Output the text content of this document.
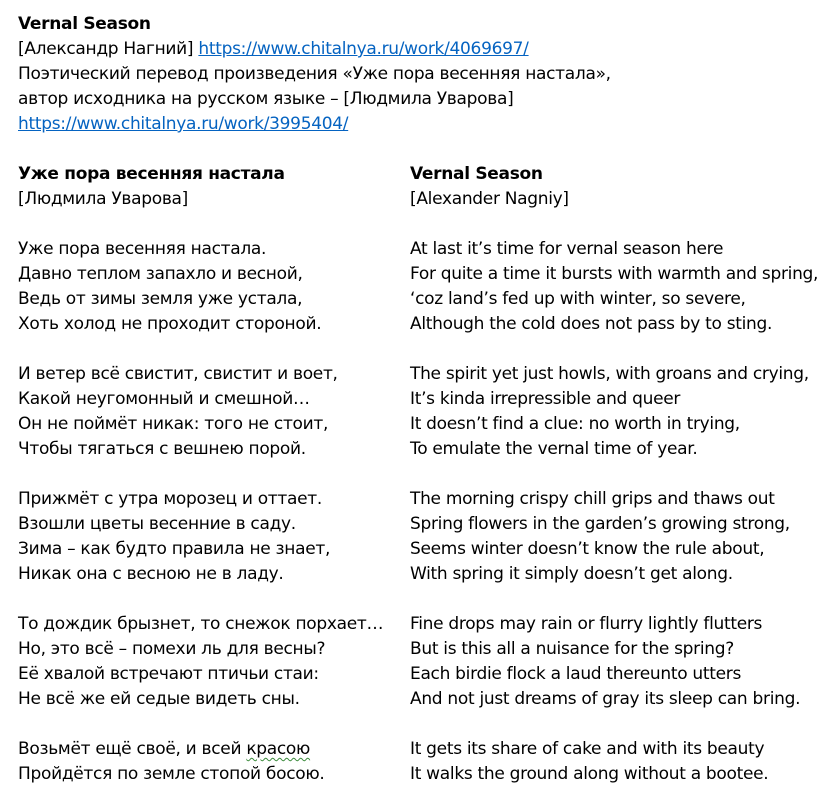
Vernal Season
[Александр Нагний] https://www.chitalnya.ru/work/4069697/
Поэтический перевод произведения «Уже пора весенняя настала»,
автор исходника на русском языке – [Людмила Уварова]
https://www.chitalnya.ru/work/3995404/
Уже пора весенняя настала
[Людмила Уварова]
Уже пора весенняя настала.
Давно теплом запахло и весной,
Ведь от зимы земля уже устала,
Хоть холод не проходит стороной.
И ветер всё свистит, свистит и воет,
Какой неугомонный и смешной…
Он не поймёт никак: того не стоит,
Чтобы тягаться с вешнею порой.
Прижмёт с утра морозец и оттает.
Взошли цветы весенние в саду.
Зима – как будто правила не знает,
Никак она с весною не в ладу.
То дождик брызнет, то снежок порхает…
Но, это всё – помехи ль для весны?
Её хвалой встречают птичьи стаи:
Не всё же ей седые видеть сны.
Возьмёт ещё своё, и всей красою
Пройдётся по земле стопой босою.
Vernal Season
[Alexander Nagniy]
At last it’s time for vernal season here
For quite a time it bursts with warmth and spring,
‘coz land’s fed up with winter, so severe,
Although the cold does not pass by to sting.
The spirit yet just howls, with groans and crying,
It’s kinda irrepressible and queer
It doesn’t find a clue: no worth in trying,
To emulate the vernal time of year.
The morning crispy chill grips and thaws out
Spring flowers in the garden’s growing strong,
Seems winter doesn’t know the rule about,
With spring it simply doesn’t get along.
Fine drops may rain or flurry lightly flutters
But is this all a nuisance for the spring?
Each birdie flock a laud thereunto utters
And not just dreams of gray its sleep can bring.
It gets its share of cake and with its beauty
It walks the ground along without a bootee.
